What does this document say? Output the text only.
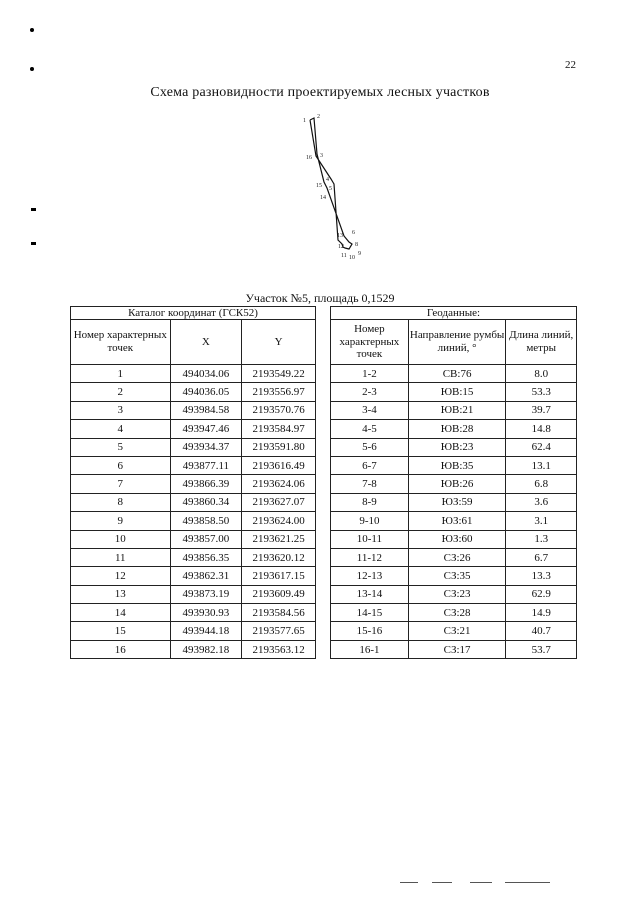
22
Схема разновидности проектируемых лесных участков
1
2
16 3
4
15 5
14
13 6
12 8
11 10
9
Участок №5, площадь 0,1529
Каталог координат (ГСК52)		
Номер характерных точек	X	Y
1	494034.06	2193549.22
2	494036.05	2193556.97
3	493984.58	2193570.76
4	493947.46	2193584.97
5	493934.37	2193591.80
6	493877.11	2193616.49
7	493866.39	2193624.06
8	493860.34	2193627.07
9	493858.50	2193624.00
10	493857.00	2193621.25
11	493856.35	2193620.12
12	493862.31	2193617.15
13	493873.19	2193609.49
14	493930.93	2193584.56
15	493944.18	2193577.65
16	493982.18	2193563.12
Геоданные:		
Номер характерных точек	Направление румбы линий, °	Длина линий, метры
1-2	СВ:76	8.0
2-3	ЮВ:15	53.3
3-4	ЮВ:21	39.7
4-5	ЮВ:28	14.8
5-6	ЮВ:23	62.4
6-7	ЮВ:35	13.1
7-8	ЮВ:26	6.8
8-9	ЮЗ:59	3.6
9-10	ЮЗ:61	3.1
10-11	ЮЗ:60	1.3
11-12	СЗ:26	6.7
12-13	СЗ:35	13.3
13-14	СЗ:23	62.9
14-15	СЗ:28	14.9
15-16	СЗ:21	40.7
16-1	СЗ:17	53.7
